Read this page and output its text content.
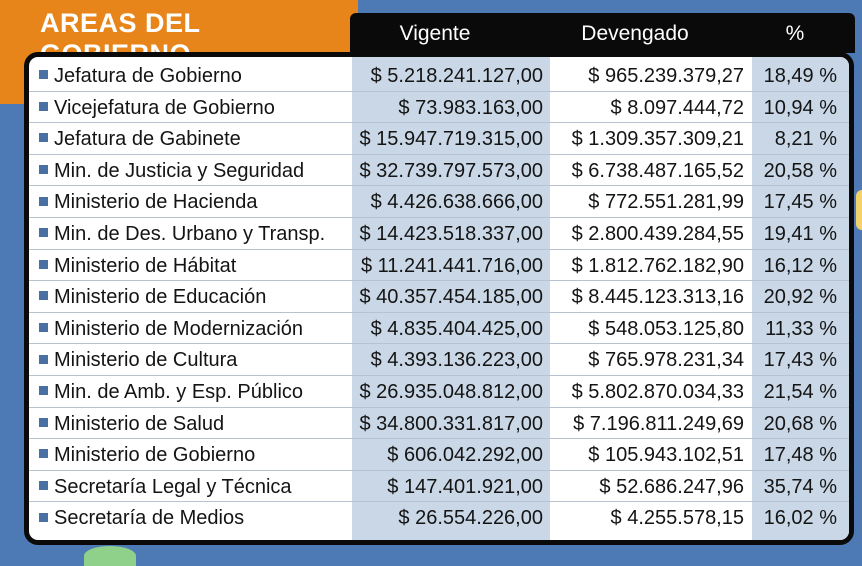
AREAS DEL	Vigente	Devengado	%
Jefatura de Gobierno	$ 5.218.241.127,00 $ 965.239.379,27 18,49 %
Vicejefatura de Gobierno	$ 73.983.163,00	$ 8.097.444,72 10,94 %
Jefatura de Gabinete	$ 15.947.719.315,00 $ 1.309.357.309,21 8,21 %
Min. de Justicia y Seguridad	$ 32.739.797.573,00 $ 6.738.487.165,52 20,58 %
Ministerio de Hacienda	$ 4.426.638.666,00 $ 772.551.281,99 17,45 %
Min. de Des. Urbano y Transp. $ 14.423.518.337,00 $ 2.800.439.284,55 19,41 %
Ministerio de Hábitat	$ 11.241.441.716,00 $ 1.812.762.182,90 16,12 %
Ministerio de Educación	$ 40.357.454.185,00 $ 8.445.123.313,16 20,92 %
Ministerio de Modernización	$ 4.835.404.425,00 $ 548.053.125,80 11,33 %
Ministerio de Cultura	$ 4.393.136.223,00 $ 765.978.231,34 17,43 %
Min. de Amb. y Esp. Público	$ 26.935.048.812,00 $ 5.802.870.034,33 21,54 %
Ministerio de Salud	$ 34.800.331.817,00 $ 7.196.811.249,69 20,68 %
Ministerio de Gobierno	$ 606.042.292,00 $ 105.943.102,51 17,48 %
Secretaría Legal y Técnica	$ 147.401.921,00	$ 52.686.247,96 35,74 %
Secretaría de Medios	$ 26.554.226,00	$ 4.255.578,15 16,02 %
